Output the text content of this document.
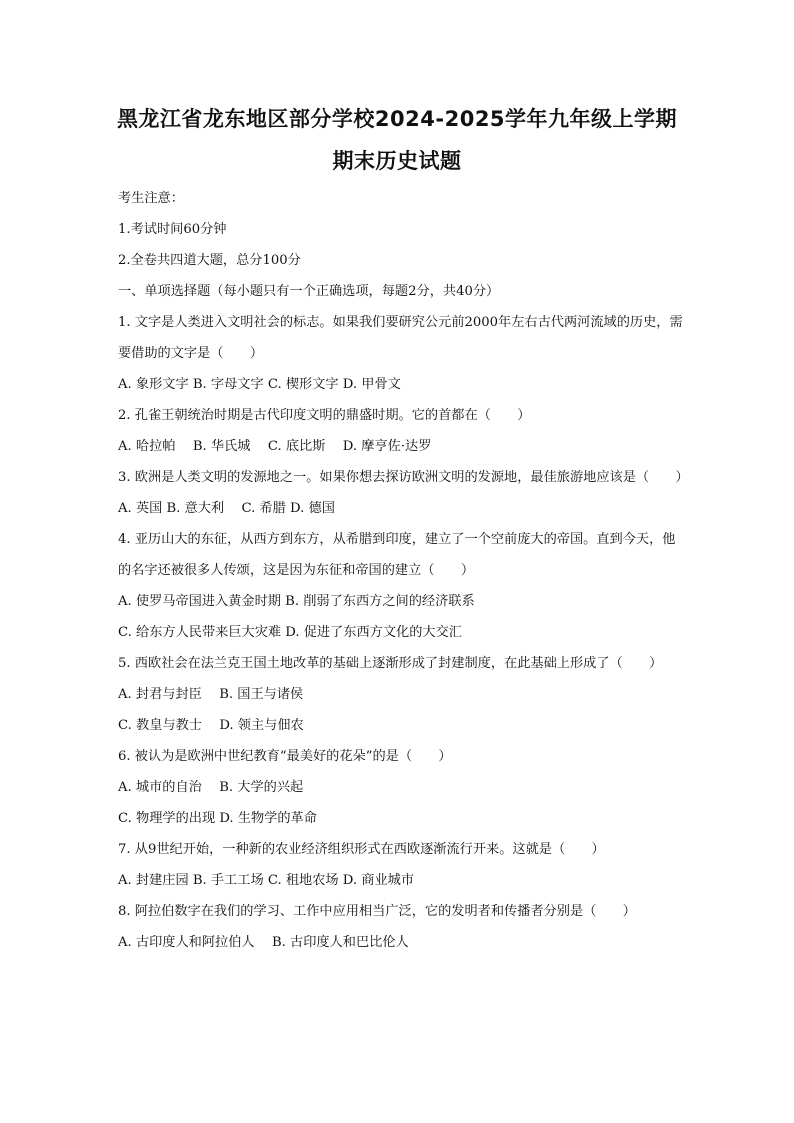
黑龙江省龙东地区部分学校2024-2025学年九年级上学期
期末历史试题

考生注意：

1.考试时间60分钟

2.全卷共四道大题，总分100分

一、单项选择题（每小题只有一个正确选项，每题2分，共40分）

1. 文字是人类进入文明社会的标志。如果我们要研究公元前2000年左右古代两河流域的历史，需要借助的文字是（　　）

A. 象形文字 B. 字母文字 C. 楔形文字 D. 甲骨文

2. 孔雀王朝统治时期是古代印度文明的鼎盛时期。它的首都在（　　）

A. 哈拉帕　 B. 华氏城　 C. 底比斯　 D. 摩亨佐·达罗

3. 欧洲是人类文明的发源地之一。如果你想去探访欧洲文明的发源地，最佳旅游地应该是（　　）

A. 英国 B. 意大利　 C. 希腊 D. 德国

4. 亚历山大的东征，从西方到东方，从希腊到印度，建立了一个空前庞大的帝国。直到今天，他的名字还被很多人传颂，这是因为东征和帝国的建立（　　）

A. 使罗马帝国进入黄金时期 B. 削弱了东西方之间的经济联系

C. 给东方人民带来巨大灾难 D. 促进了东西方文化的大交汇

5. 西欧社会在法兰克王国土地改革的基础上逐渐形成了封建制度，在此基础上形成了（　　）

A. 封君与封臣　 B. 国王与诸侯

C. 教皇与教士　 D. 领主与佃农

6. 被认为是欧洲中世纪教育“最美好的花朵”的是（　　）

A. 城市的自治　 B. 大学的兴起

C. 物理学的出现 D. 生物学的革命

7. 从9世纪开始，一种新的农业经济组织形式在西欧逐渐流行开来。这就是（　　）

A. 封建庄园 B. 手工工场 C. 租地农场 D. 商业城市

8. 阿拉伯数字在我们的学习、工作中应用相当广泛，它的发明者和传播者分别是（　　）

A. 古印度人和阿拉伯人　 B. 古印度人和巴比伦人
